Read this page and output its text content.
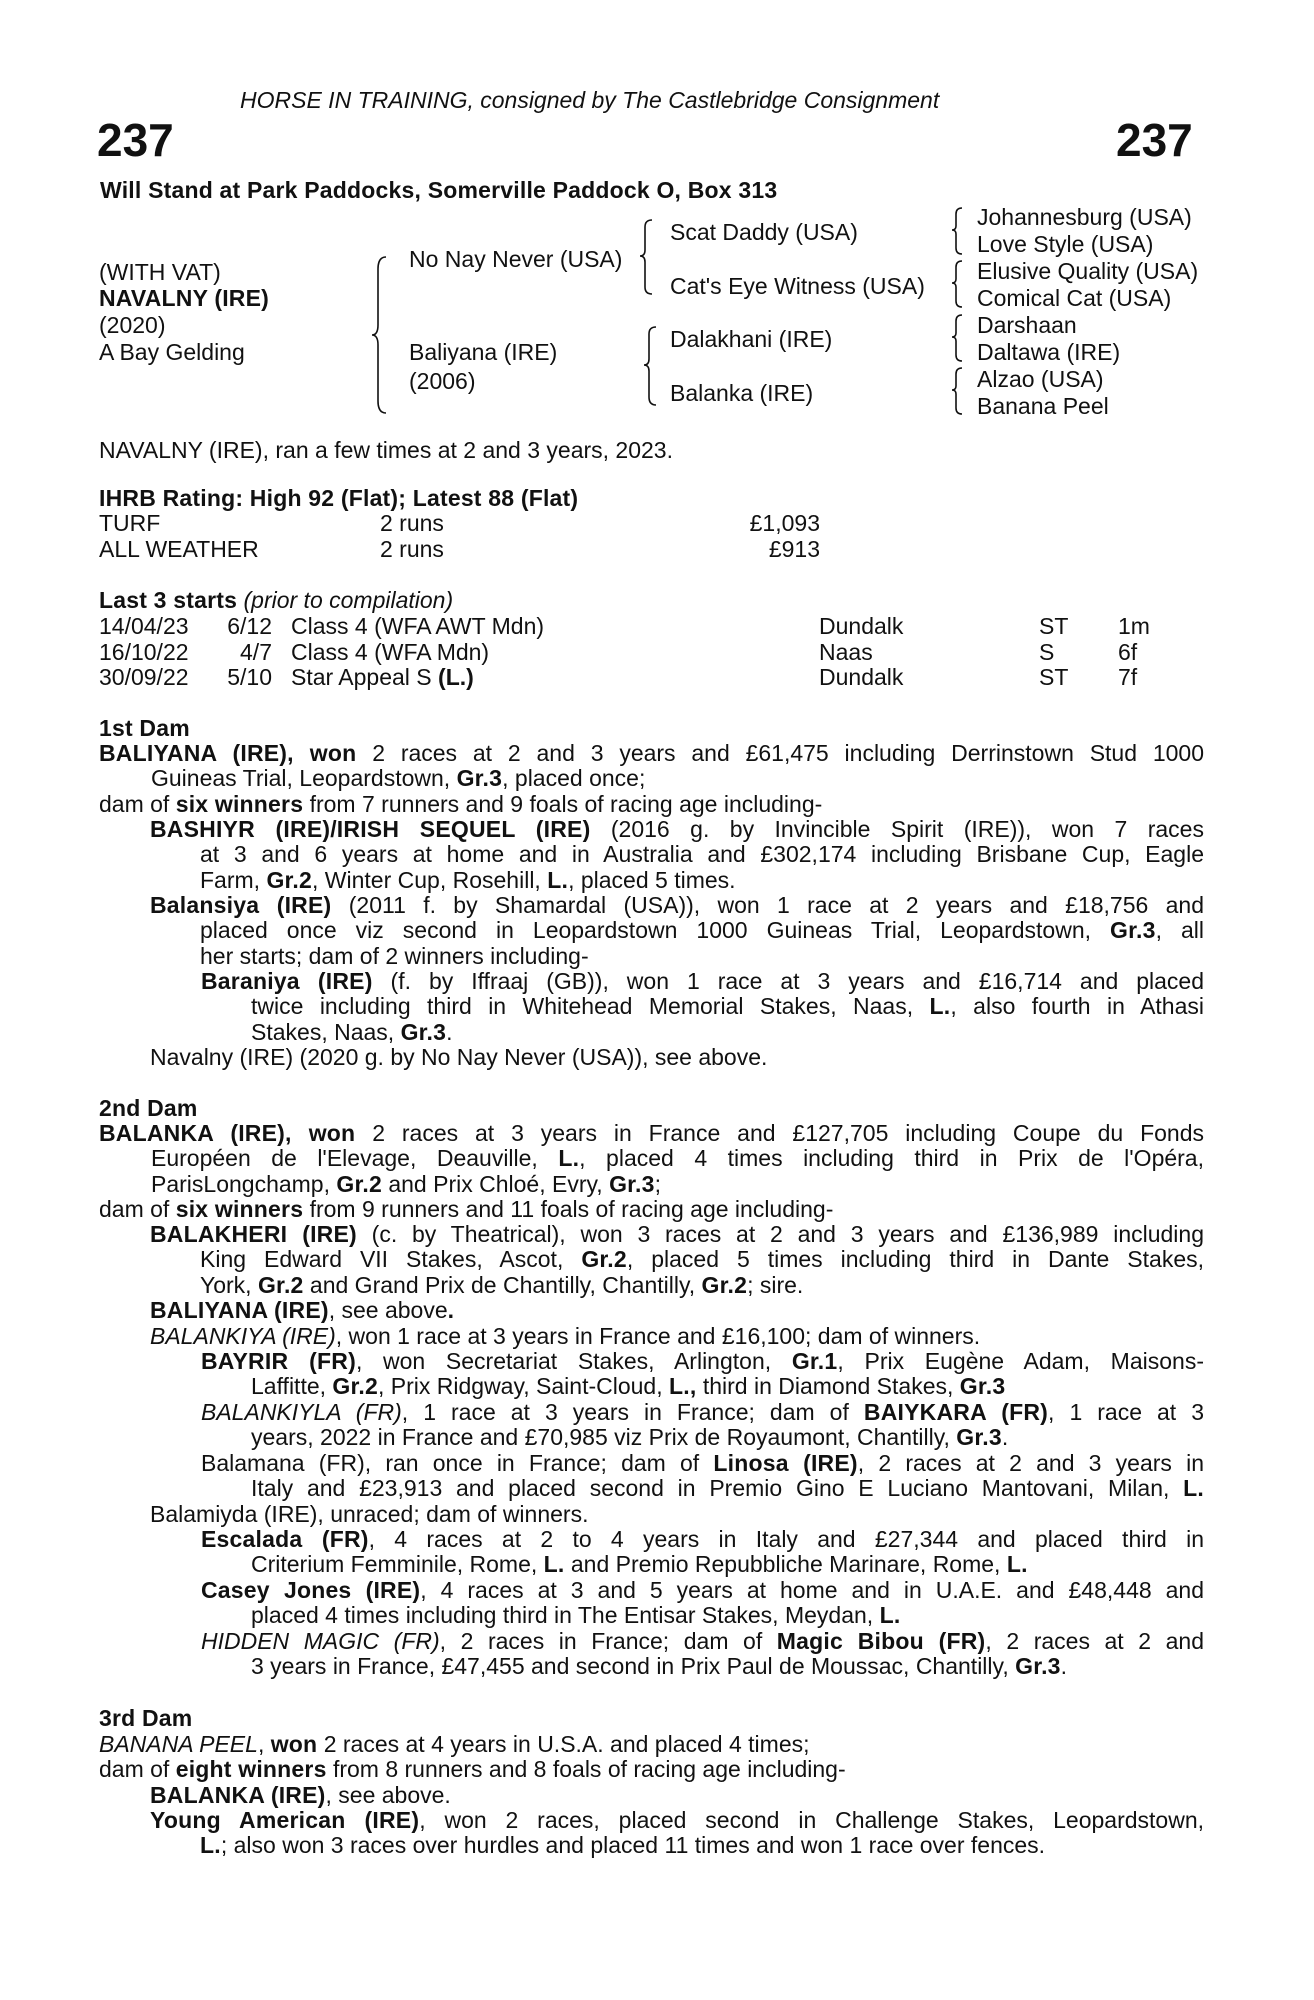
HORSE IN TRAINING, consigned by The Castlebridge Consignment
237	237
Will Stand at Park Paddocks, Somerville Paddock O, Box 313
(WITH VAT)
NAVALNY (IRE)
(2020)
A Bay Gelding
No Nay Never (USA)
Baliyana (IRE)
(2006)
Scat Daddy (USA)
Cat's Eye Witness (USA)
Dalakhani (IRE)
Balanka (IRE)
Johannesburg (USA)
Love Style (USA)
Elusive Quality (USA)
Comical Cat (USA)
Darshaan
Daltawa (IRE)
Alzao (USA)
Banana Peel
NAVALNY (IRE), ran a few times at 2 and 3 years, 2023.
IHRB Rating: High 92 (Flat); Latest 88 (Flat)
TURF	2 runs	£1,093
ALL WEATHER	2 runs	£913
Last 3 starts (prior to compilation)
14/04/23	6/12 Class 4 (WFA AWT Mdn)	Dundalk	ST 1m
16/10/22	4/7 Class 4 (WFA Mdn)	Naas	S	6f
30/09/22	5/10 Star Appeal S (L.)	Dundalk	ST 7f
1st Dam
BALIYANA (IRE), won 2 races at 2 and 3 years and £61,475 including Derrinstown Stud 1000
Guineas Trial, Leopardstown, Gr.3, placed once;
dam of six winners from 7 runners and 9 foals of racing age including-
BASHIYR (IRE)/IRISH SEQUEL (IRE) (2016 g. by Invincible Spirit (IRE)), won 7 races
at 3 and 6 years at home and in Australia and £302,174 including Brisbane Cup, Eagle
Farm, Gr.2, Winter Cup, Rosehill, L., placed 5 times.
Balansiya (IRE) (2011 f. by Shamardal (USA)), won 1 race at 2 years and £18,756 and
placed once viz second in Leopardstown 1000 Guineas Trial, Leopardstown, Gr.3, all
her starts; dam of 2 winners including-
Baraniya (IRE) (f. by Iffraaj (GB)), won 1 race at 3 years and £16,714 and placed
twice including third in Whitehead Memorial Stakes, Naas, L., also fourth in Athasi
Stakes, Naas, Gr.3.
Navalny (IRE) (2020 g. by No Nay Never (USA)), see above.
2nd Dam
BALANKA (IRE), won 2 races at 3 years in France and £127,705 including Coupe du Fonds
Européen de l'Elevage, Deauville, L., placed 4 times including third in Prix de l'Opéra,
ParisLongchamp, Gr.2 and Prix Chloé, Evry, Gr.3;
dam of six winners from 9 runners and 11 foals of racing age including-
BALAKHERI (IRE) (c. by Theatrical), won 3 races at 2 and 3 years and £136,989 including
King Edward VII Stakes, Ascot, Gr.2, placed 5 times including third in Dante Stakes,
York, Gr.2 and Grand Prix de Chantilly, Chantilly, Gr.2; sire.
BALIYANA (IRE), see above.
BALANKIYA (IRE), won 1 race at 3 years in France and £16,100; dam of winners.
BAYRIR (FR), won Secretariat Stakes, Arlington, Gr.1, Prix Eugène Adam, Maisons-
Laffitte, Gr.2, Prix Ridgway, Saint-Cloud, L., third in Diamond Stakes, Gr.3
BALANKIYLA (FR), 1 race at 3 years in France; dam of BAIYKARA (FR), 1 race at 3
years, 2022 in France and £70,985 viz Prix de Royaumont, Chantilly, Gr.3.
Balamana (FR), ran once in France; dam of Linosa (IRE), 2 races at 2 and 3 years in
Italy and £23,913 and placed second in Premio Gino E Luciano Mantovani, Milan, L.
Balamiyda (IRE), unraced; dam of winners.
Escalada (FR), 4 races at 2 to 4 years in Italy and £27,344 and placed third in
Criterium Femminile, Rome, L. and Premio Repubbliche Marinare, Rome, L.
Casey Jones (IRE), 4 races at 3 and 5 years at home and in U.A.E. and £48,448 and
placed 4 times including third in The Entisar Stakes, Meydan, L.
HIDDEN MAGIC (FR), 2 races in France; dam of Magic Bibou (FR), 2 races at 2 and
3 years in France, £47,455 and second in Prix Paul de Moussac, Chantilly, Gr.3.
3rd Dam
BANANA PEEL, won 2 races at 4 years in U.S.A. and placed 4 times;
dam of eight winners from 8 runners and 8 foals of racing age including-
BALANKA (IRE), see above.
Young American (IRE), won 2 races, placed second in Challenge Stakes, Leopardstown,
L.; also won 3 races over hurdles and placed 11 times and won 1 race over fences.
